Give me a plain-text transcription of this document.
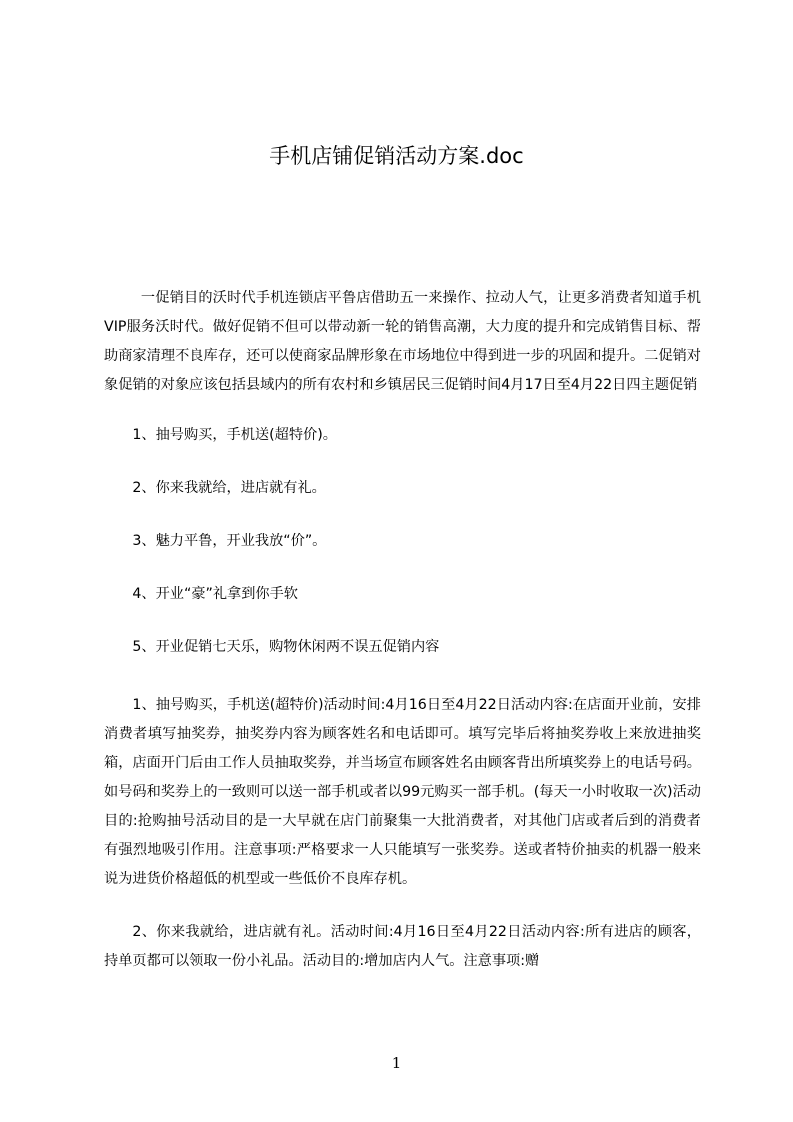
手机店铺促销活动方案.doc

一促销目的沃时代手机连锁店平鲁店借助五一来操作、拉动人气，让更多消费者知道手机VIP服务沃时代。做好促销不但可以带动新一轮的销售高潮，大力度的提升和完成销售目标、帮助商家清理不良库存，还可以使商家品牌形象在市场地位中得到进一步的巩固和提升。二促销对象促销的对象应该包括县域内的所有农村和乡镇居民三促销时间4月17日至4月22日四主题促销

1、抽号购买，手机送(超特价)。

2、你来我就给，进店就有礼。

3、魅力平鲁，开业我放“价”。

4、开业“豪”礼拿到你手软

5、开业促销七天乐，购物休闲两不误五促销内容

1、抽号购买，手机送(超特价)活动时间:4月16日至4月22日活动内容:在店面开业前，安排消费者填写抽奖券，抽奖券内容为顾客姓名和电话即可。填写完毕后将抽奖券收上来放进抽奖箱，店面开门后由工作人员抽取奖券，并当场宣布顾客姓名由顾客背出所填奖券上的电话号码。如号码和奖券上的一致则可以送一部手机或者以99元购买一部手机。(每天一小时收取一次)活动目的:抢购抽号活动目的是一大早就在店门前聚集一大批消费者，对其他门店或者后到的消费者有强烈地吸引作用。注意事项:严格要求一人只能填写一张奖券。送或者特价抽卖的机器一般来说为进货价格超低的机型或一些低价不良库存机。

2、你来我就给，进店就有礼。活动时间:4月16日至4月22日活动内容:所有进店的顾客，持单页都可以领取一份小礼品。活动目的:增加店内人气。注意事项:赠

1
